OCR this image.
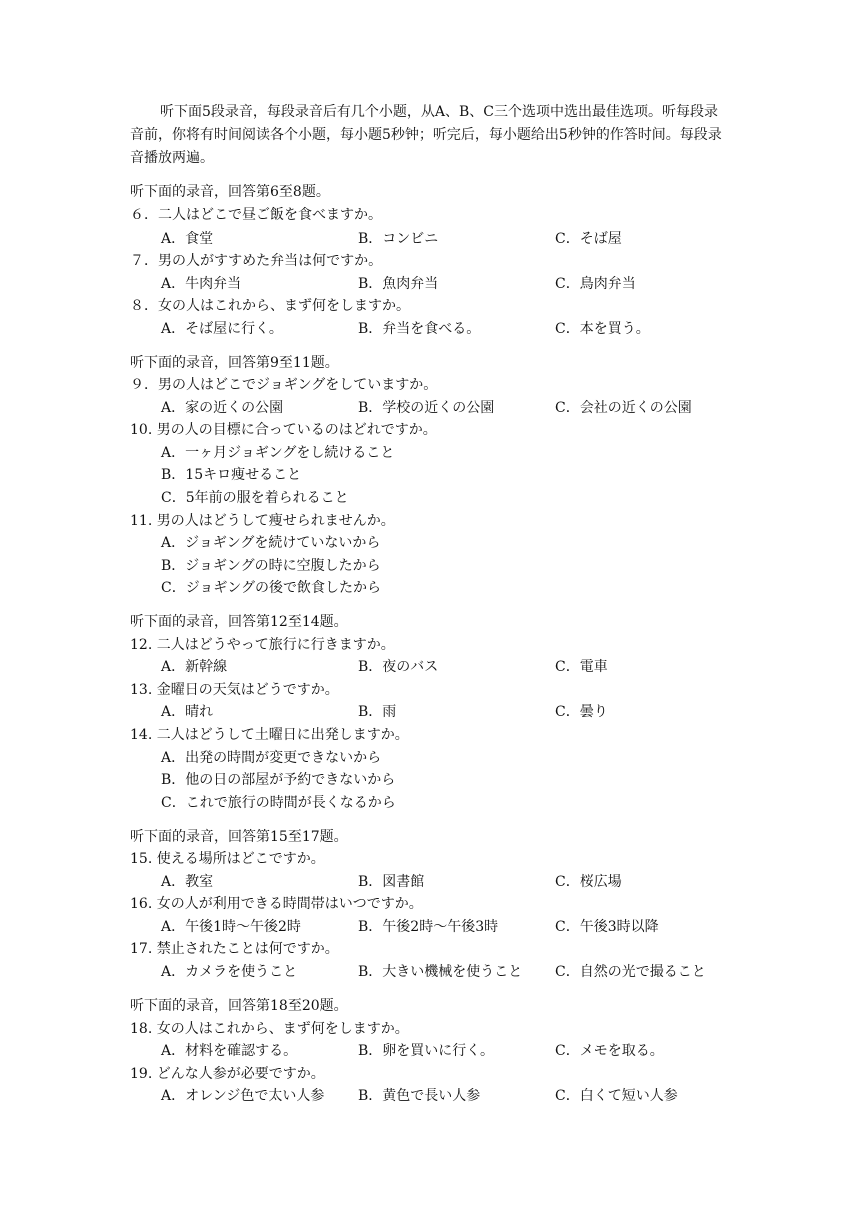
听下面5段录音，每段录音后有几个小题，从A、B、C三个选项中选出最佳选项。听每段录音前，你将有时间阅读各个小题，每小题5秒钟；听完后，每小题给出5秒钟的作答时间。每段录音播放两遍。

听下面的录音，回答第6至8题。
６．二人はどこで昼ご飯を食べますか。
A．食堂	B．コンビニ	C．そば屋
７．男の人がすすめた弁当は何ですか。
A．牛肉弁当	B．魚肉弁当	C．鳥肉弁当
８．女の人はこれから、まず何をしますか。
A．そば屋に行く。	B．弁当を食べる。	C．本を買う。
听下面的录音，回答第9至11题。
９．男の人はどこでジョギングをしていますか。
A．家の近くの公園	B．学校の近くの公園	C．会社の近くの公園
10. 男の人の目標に合っているのはどれですか。
A．一ヶ月ジョギングをし続けること
B．15キロ痩せること
C．5年前の服を着られること
11. 男の人はどうして痩せられませんか。
A．ジョギングを続けていないから
B．ジョギングの時に空腹したから
C．ジョギングの後で飲食したから
听下面的录音，回答第12至14题。
12. 二人はどうやって旅行に行きますか。
A．新幹線	B．夜のバス	C．電車
13. 金曜日の天気はどうですか。
A．晴れ	B．雨	C．曇り
14. 二人はどうして土曜日に出発しますか。
A．出発の時間が変更できないから
B．他の日の部屋が予約できないから
C．これで旅行の時間が長くなるから
听下面的录音，回答第15至17题。
15. 使える場所はどこですか。
A．教室	B．図書館	C．桜広場
16. 女の人が利用できる時間帯はいつですか。
A．午後1時～午後2時	B．午後2時～午後3時	C．午後3時以降
17. 禁止されたことは何ですか。
A．カメラを使うこと	B．大きい機械を使うこと C．自然の光で撮ること
听下面的录音，回答第18至20题。
18. 女の人はこれから、まず何をしますか。
A．材料を確認する。	B．卵を買いに行く。	C．メモを取る。
19. どんな人参が必要ですか。
A．オレンジ色で太い人参 B．黄色で長い人参	C．白くて短い人参
